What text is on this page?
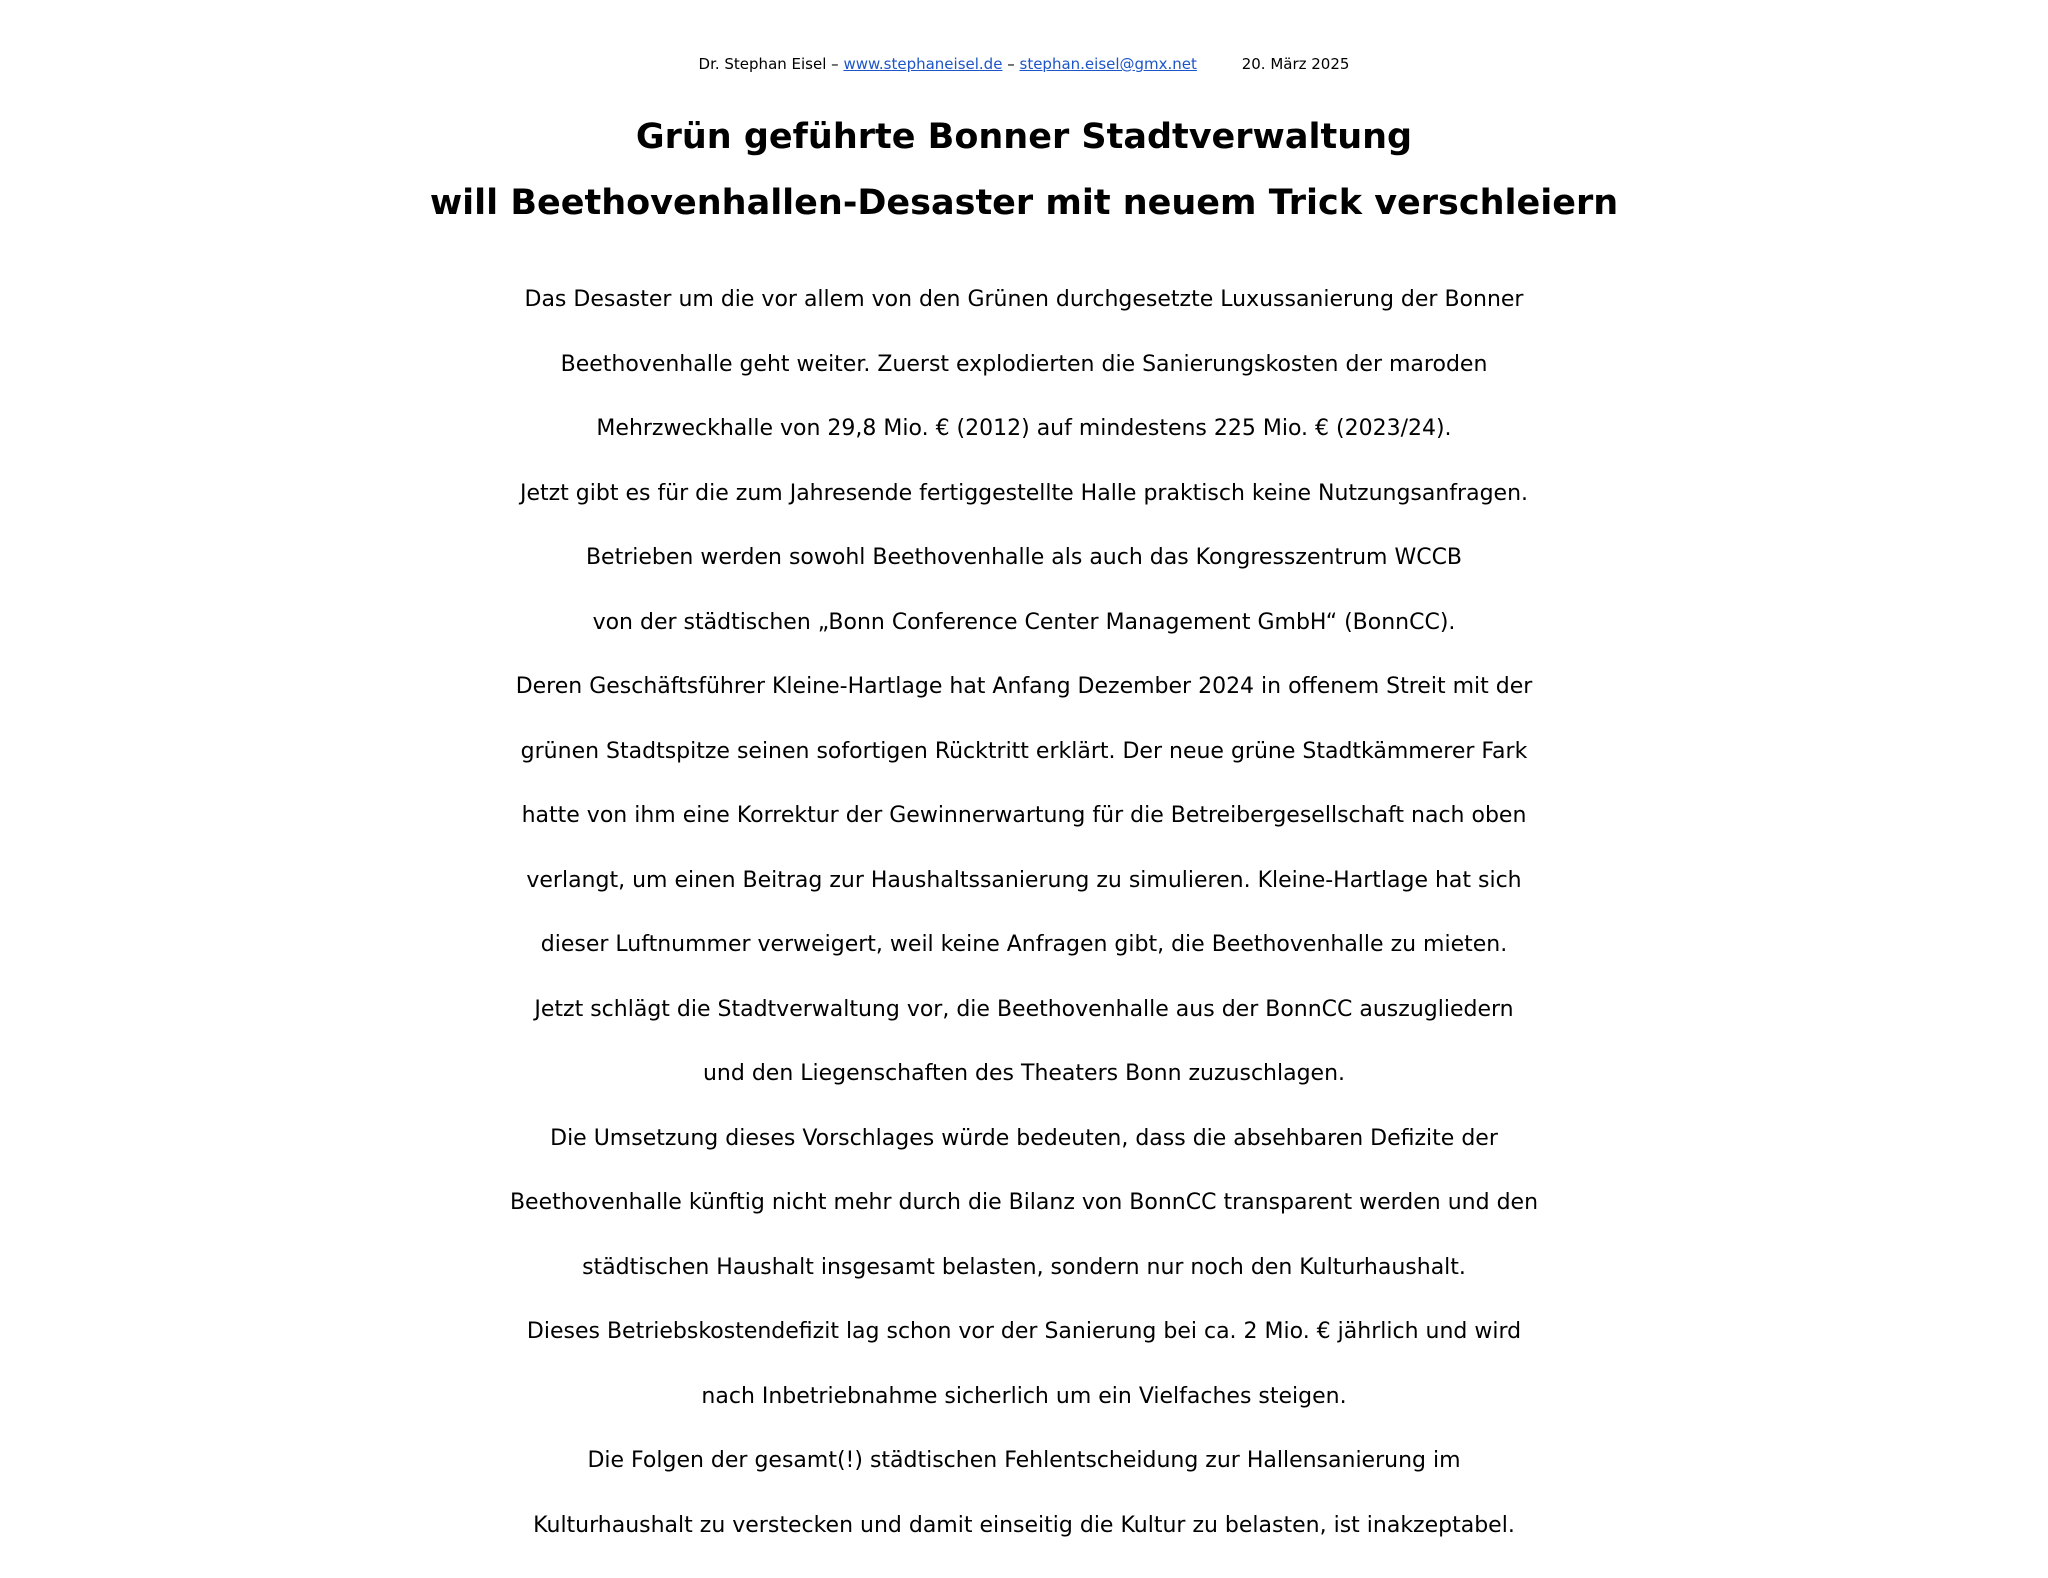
Dr. Stephan Eisel – www.stephaneisel.de – stephan.eisel@gmx.net	20. März 2025
Grün geführte Bonner Stadtverwaltung
will Beethovenhallen-Desaster mit neuem Trick verschleiern
Das Desaster um die vor allem von den Grünen durchgesetzte Luxussanierung der Bonner
Beethovenhalle geht weiter. Zuerst explodierten die Sanierungskosten der maroden
Mehrzweckhalle von 29,8 Mio. € (2012) auf mindestens 225 Mio. € (2023/24).
Jetzt gibt es für die zum Jahresende fertiggestellte Halle praktisch keine Nutzungsanfragen.
Betrieben werden sowohl Beethovenhalle als auch das Kongresszentrum WCCB
von der städtischen „Bonn Conference Center Management GmbH“ (BonnCC).
Deren Geschäftsführer Kleine-Hartlage hat Anfang Dezember 2024 in offenem Streit mit der
grünen Stadtspitze seinen sofortigen Rücktritt erklärt. Der neue grüne Stadtkämmerer Fark
hatte von ihm eine Korrektur der Gewinnerwartung für die Betreibergesellschaft nach oben
verlangt, um einen Beitrag zur Haushaltssanierung zu simulieren. Kleine-Hartlage hat sich
dieser Luftnummer verweigert, weil keine Anfragen gibt, die Beethovenhalle zu mieten.
Jetzt schlägt die Stadtverwaltung vor, die Beethovenhalle aus der BonnCC auszugliedern
und den Liegenschaften des Theaters Bonn zuzuschlagen.
Die Umsetzung dieses Vorschlages würde bedeuten, dass die absehbaren Defizite der
Beethovenhalle künftig nicht mehr durch die Bilanz von BonnCC transparent werden und den
städtischen Haushalt insgesamt belasten, sondern nur noch den Kulturhaushalt.
Dieses Betriebskostendefizit lag schon vor der Sanierung bei ca. 2 Mio. € jährlich und wird
nach Inbetriebnahme sicherlich um ein Vielfaches steigen.
Die Folgen der gesamt(!) städtischen Fehlentscheidung zur Hallensanierung im
Kulturhaushalt zu verstecken und damit einseitig die Kultur zu belasten, ist inakzeptabel.
